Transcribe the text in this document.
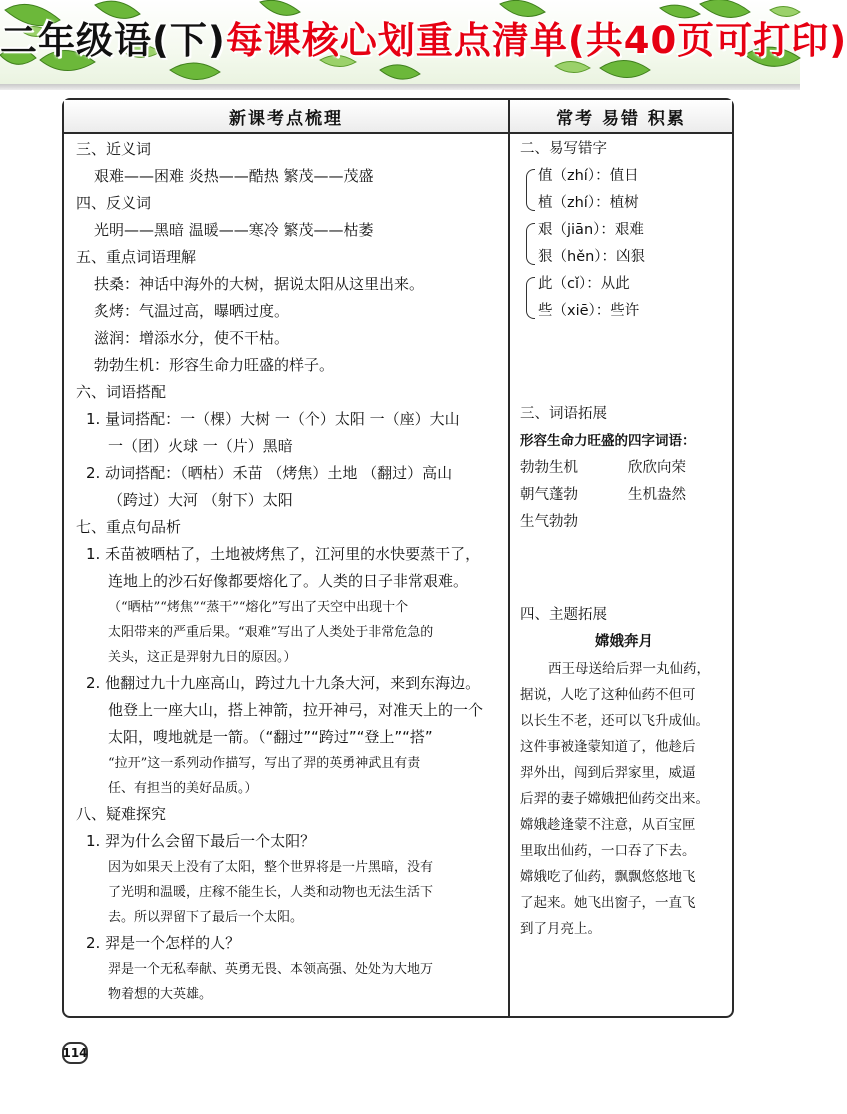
二年级语(下)每课核心划重点清单(共40页可打印)
新课考点梳理	常考 易错 积累
三、近义词
艰难——困难 炎热——酷热 繁茂——茂盛
四、反义词
光明——黑暗 温暖——寒冷 繁茂——枯萎
五、重点词语理解
扶桑：神话中海外的大树，据说太阳从这里出来。
炙烤：气温过高，曝晒过度。
滋润：增添水分，使不干枯。
勃勃生机：形容生命力旺盛的样子。
六、词语搭配
1. 量词搭配：一（棵）大树 一（个）太阳 一（座）大山
一（团）火球 一（片）黑暗
2. 动词搭配：（晒枯）禾苗 （烤焦）土地 （翻过）高山
（跨过）大河 （射下）太阳
七、重点句品析
1. 禾苗被晒枯了，土地被烤焦了，江河里的水快要蒸干了，
连地上的沙石好像都要熔化了。人类的日子非常艰难。
（“晒枯”“烤焦”“蒸干”“熔化”写出了天空中出现十个
太阳带来的严重后果。“艰难”写出了人类处于非常危急的
关头，这正是羿射九日的原因。）
2. 他翻过九十九座高山，跨过九十九条大河，来到东海边。
他登上一座大山，搭上神箭，拉开神弓，对准天上的一个
太阳，嗖地就是一箭。（“翻过”“跨过”“登上”“搭”
“拉开”这一系列动作描写，写出了羿的英勇神武且有责
任、有担当的美好品质。）
八、疑难探究
1. 羿为什么会留下最后一个太阳？
因为如果天上没有了太阳，整个世界将是一片黑暗，没有
了光明和温暖，庄稼不能生长，人类和动物也无法生活下
去。所以羿留下了最后一个太阳。
2. 羿是一个怎样的人？
羿是一个无私奉献、英勇无畏、本领高强、处处为大地万
物着想的大英雄。
二、易写错字
值（zhí）：值日
植（zhí）：植树
艰（jiān）：艰难
狠（hěn）：凶狠
此（cǐ）：从此
些（xiē）：些许
三、词语拓展
形容生命力旺盛的四字词语：
勃勃生机	欣欣向荣
朝气蓬勃	生机盎然
生气勃勃
四、主题拓展
嫦娥奔月
西王母送给后羿一丸仙药，
据说，人吃了这种仙药不但可
以长生不老，还可以飞升成仙。
这件事被逢蒙知道了，他趁后
羿外出，闯到后羿家里，威逼
后羿的妻子嫦娥把仙药交出来。
嫦娥趁逢蒙不注意，从百宝匣
里取出仙药，一口吞了下去。
嫦娥吃了仙药，飘飘悠悠地飞
了起来。她飞出窗子，一直飞
到了月亮上。
114
